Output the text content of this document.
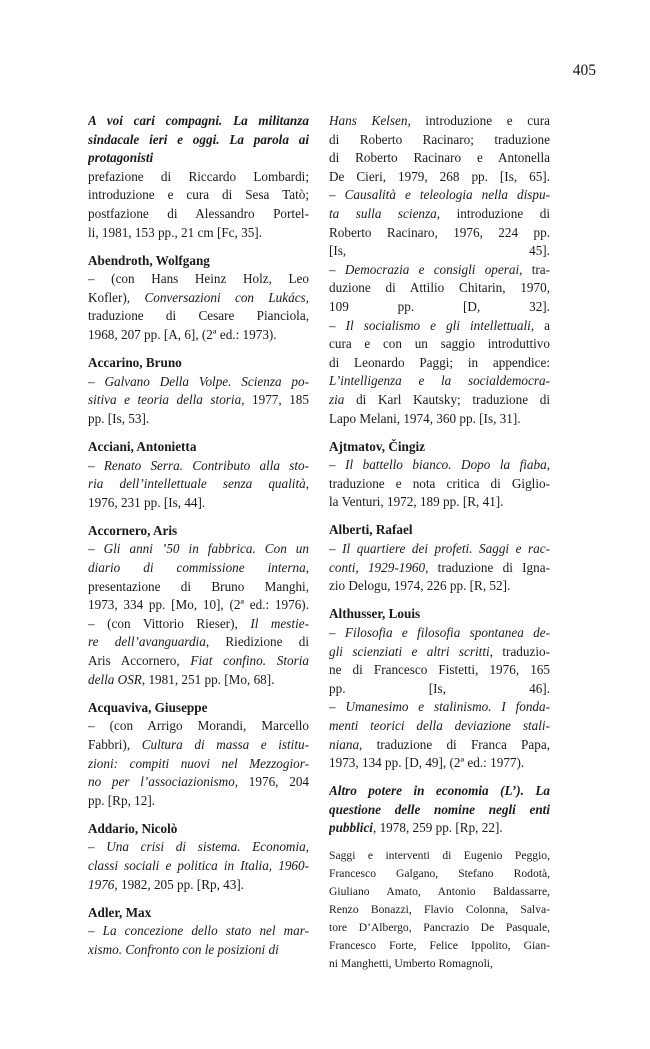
405
A voi cari compagni. La militanza
sindacale ieri e oggi. La parola ai
protagonisti
prefazione di Riccardo Lombardi;
introduzione e cura di Sesa Tatò;
postfazione di Alessandro Portel-
li, 1981, 153 pp., 21 cm [Fc, 35].
Abendroth, Wolfgang
– (con Hans Heinz Holz, Leo
Kofler), Conversazioni con Lukács,
traduzione di Cesare Pianciola,
1968, 207 pp. [A, 6], (2ª ed.: 1973).
Accarino, Bruno
– Galvano Della Volpe. Scienza po-
sitiva e teoria della storia, 1977, 185
pp. [Is, 53].
Acciani, Antonietta
– Renato Serra. Contributo alla sto-
ria dell’intellettuale senza qualità,
1976, 231 pp. [Is, 44].
Accornero, Aris
– Gli anni ’50 in fabbrica. Con un
diario di commissione interna,
presentazione di Bruno Manghi,
1973, 334 pp. [Mo, 10], (2ª ed.: 1976).
– (con Vittorio Rieser), Il mestie-
re dell’avanguardia, Riedizione di
Aris Accornero, Fiat confino. Storia
della OSR, 1981, 251 pp. [Mo, 68].
Acquaviva, Giuseppe
– (con Arrigo Morandi, Marcello
Fabbri), Cultura di massa e istitu-
zioni: compiti nuovi nel Mezzogior-
no per l’associazionismo, 1976, 204
pp. [Rp, 12].
Addario, Nicolò
– Una crisi di sistema. Economia,
classi sociali e politica in Italia, 1960-
1976, 1982, 205 pp. [Rp, 43].
Adler, Max
– La concezione dello stato nel mar-
xismo. Confronto con le posizioni di
Hans Kelsen, introduzione e cura
di Roberto Racinaro; traduzione
di Roberto Racinaro e Antonella
De Cieri, 1979, 268 pp. [Is, 65].
– Causalità e teleologia nella dispu-
ta sulla scienza, introduzione di
Roberto Racinaro, 1976, 224 pp.
[Is, 45].
– Democrazia e consigli operai, tra-
duzione di Attilio Chitarin, 1970,
109 pp. [D, 32].
– Il socialismo e gli intellettuali, a
cura e con un saggio introduttivo
di Leonardo Paggi; in appendice:
L’intelligenza e la socialdemocra-
zia di Karl Kautsky; traduzione di
Lapo Melani, 1974, 360 pp. [Is, 31].
Ajtmatov, Čingiz
– Il battello bianco. Dopo la fiaba,
traduzione e nota critica di Giglio-
la Venturi, 1972, 189 pp. [R, 41].
Alberti, Rafael
– Il quartiere dei profeti. Saggi e rac-
conti, 1929-1960, traduzione di Igna-
zio Delogu, 1974, 226 pp. [R, 52].
Althusser, Louis
– Filosofia e filosofia spontanea de-
gli scienziati e altri scritti, traduzio-
ne di Francesco Fistetti, 1976, 165
pp. [Is, 46].
– Umanesimo e stalinismo. I fonda-
menti teorici della deviazione stali-
niana, traduzione di Franca Papa,
1973, 134 pp. [D, 49], (2ª ed.: 1977).
Altro potere in economia (L’). La
questione delle nomine negli enti
pubblici, 1978, 259 pp. [Rp, 22].
Saggi e interventi di Eugenio Peggio,
Francesco Galgano, Stefano Rodotà,
Giuliano Amato, Antonio Baldassarre,
Renzo Bonazzi, Flavio Colonna, Salva-
tore D’Albergo, Pancrazio De Pasquale,
Francesco Forte, Felice Ippolito, Gian-
ni Manghetti, Umberto Romagnoli,
